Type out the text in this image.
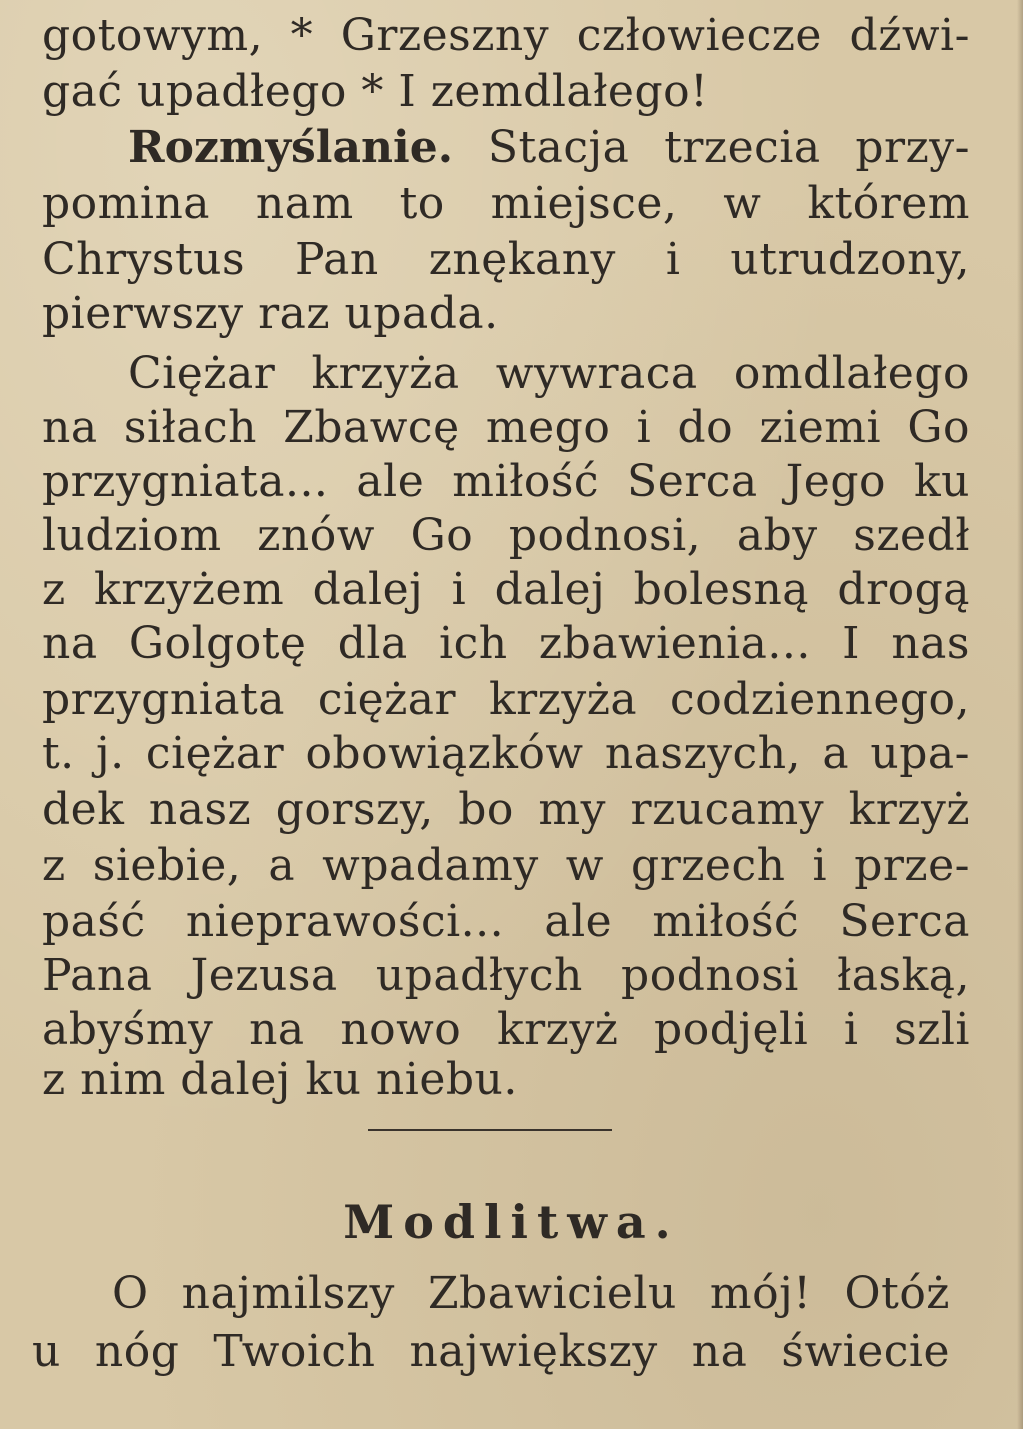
gotowym, * Grzeszny człowiecze dźwi-
gać upadłego * I zemdlałego!
Rozmyślanie. Stacja trzecia przy-
pomina nam to miejsce, w którem
Chrystus Pan znękany i utrudzony,
pierwszy raz upada.
Ciężar krzyża wywraca omdlałego
na siłach Zbawcę mego i do ziemi Go
przygniata... ale miłość Serca Jego ku
ludziom znów Go podnosi, aby szedł
z krzyżem dalej i dalej bolesną drogą
na Golgotę dla ich zbawienia... I nas
przygniata ciężar krzyża codziennego,
t. j. ciężar obowiązków naszych, a upa-
dek nasz gorszy, bo my rzucamy krzyż
z siebie, a wpadamy w grzech i prze-
paść nieprawości... ale miłość Serca
Pana Jezusa upadłych podnosi łaską,
abyśmy na nowo krzyż podjęli i szli
z nim dalej ku niebu.
Modlitwa.
O najmilszy Zbawicielu mój! Otóż
u nóg Twoich największy na świecie
